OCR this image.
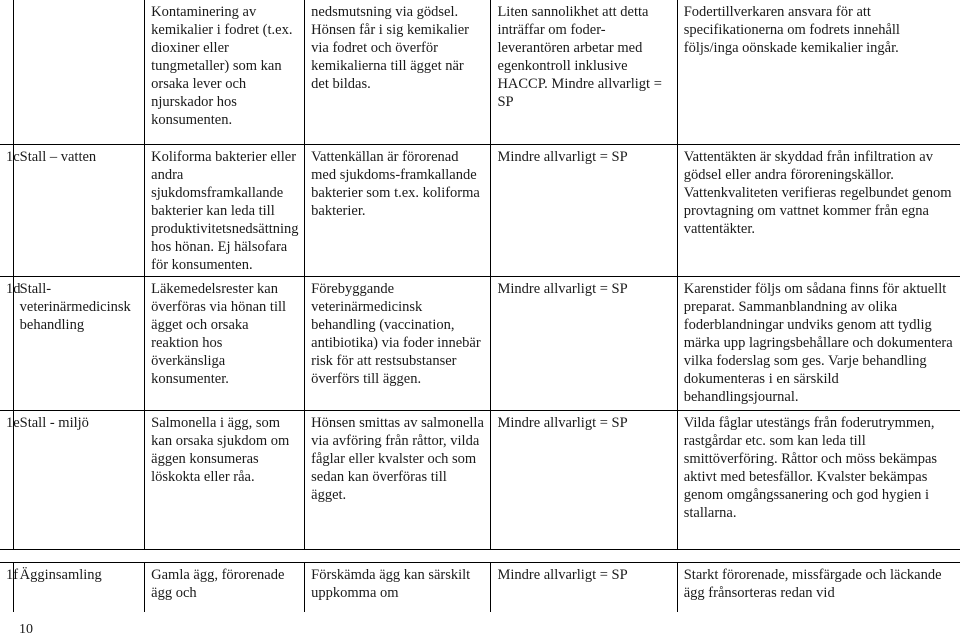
		Kontaminering av kemikalier i fodret (t.ex. dioxiner eller tungmetaller) som kan orsaka lever och njurskador hos konsumenten.	nedsmutsning via gödsel. Hönsen får i sig kemikalier via fodret och överför kemikalierna till ägget när det bildas.	Liten sannolikhet att detta inträffar om foder-leverantören arbetar med egenkontroll inklusive HACCP. Mindre allvarligt = SP	Fodertillverkaren ansvara för att specifikationerna om fodrets innehåll följs/inga oönskade kemikalier ingår.
1c	Stall – vatten	Koliforma bakterier eller andra sjukdomsframkallande bakterier kan leda till produktivitetsnedsättning hos hönan. Ej hälsofara för konsumenten.	Vattenkällan är förorenad med sjukdoms-framkallande bakterier som t.ex. koliforma bakterier.	Mindre allvarligt = SP	Vattentäkten är skyddad från infiltration av gödsel eller andra föroreningskällor. Vattenkvaliteten verifieras regelbundet genom provtagning om vattnet kommer från egna vattentäkter.
1d	Stall-veterinärmedicinsk behandling	Läkemedelsrester kan överföras via hönan till ägget och orsaka reaktion hos överkänsliga konsumenter.	Förebyggande veterinärmedicinsk behandling (vaccination, antibiotika) via foder innebär risk för att restsubstanser överförs till äggen.	Mindre allvarligt = SP	Karenstider följs om sådana finns för aktuellt preparat. Sammanblandning av olika foderblandningar undviks genom att tydlig märka upp lagringsbehållare och dokumentera vilka foderslag som ges. Varje behandling dokumenteras i en särskild behandlingsjournal.
1e	Stall - miljö	Salmonella i ägg, som kan orsaka sjukdom om äggen konsumeras löskokta eller råa.	Hönsen smittas av salmonella via avföring från råttor, vilda fåglar eller kvalster och som sedan kan överföras till ägget.	Mindre allvarligt = SP	Vilda fåglar utestängs från foderutrymmen, rastgårdar etc. som kan leda till smittöverföring. Råttor och möss bekämpas aktivt med betesfällor. Kvalster bekämpas genom omgångssanering och god hygien i stallarna.
1f	Ägginsamling	Gamla ägg, förorenade ägg och	Förskämda ägg kan särskilt uppkomma om	Mindre allvarligt = SP	Starkt förorenade, missfärgade och läckande ägg frånsorteras redan vid
10
